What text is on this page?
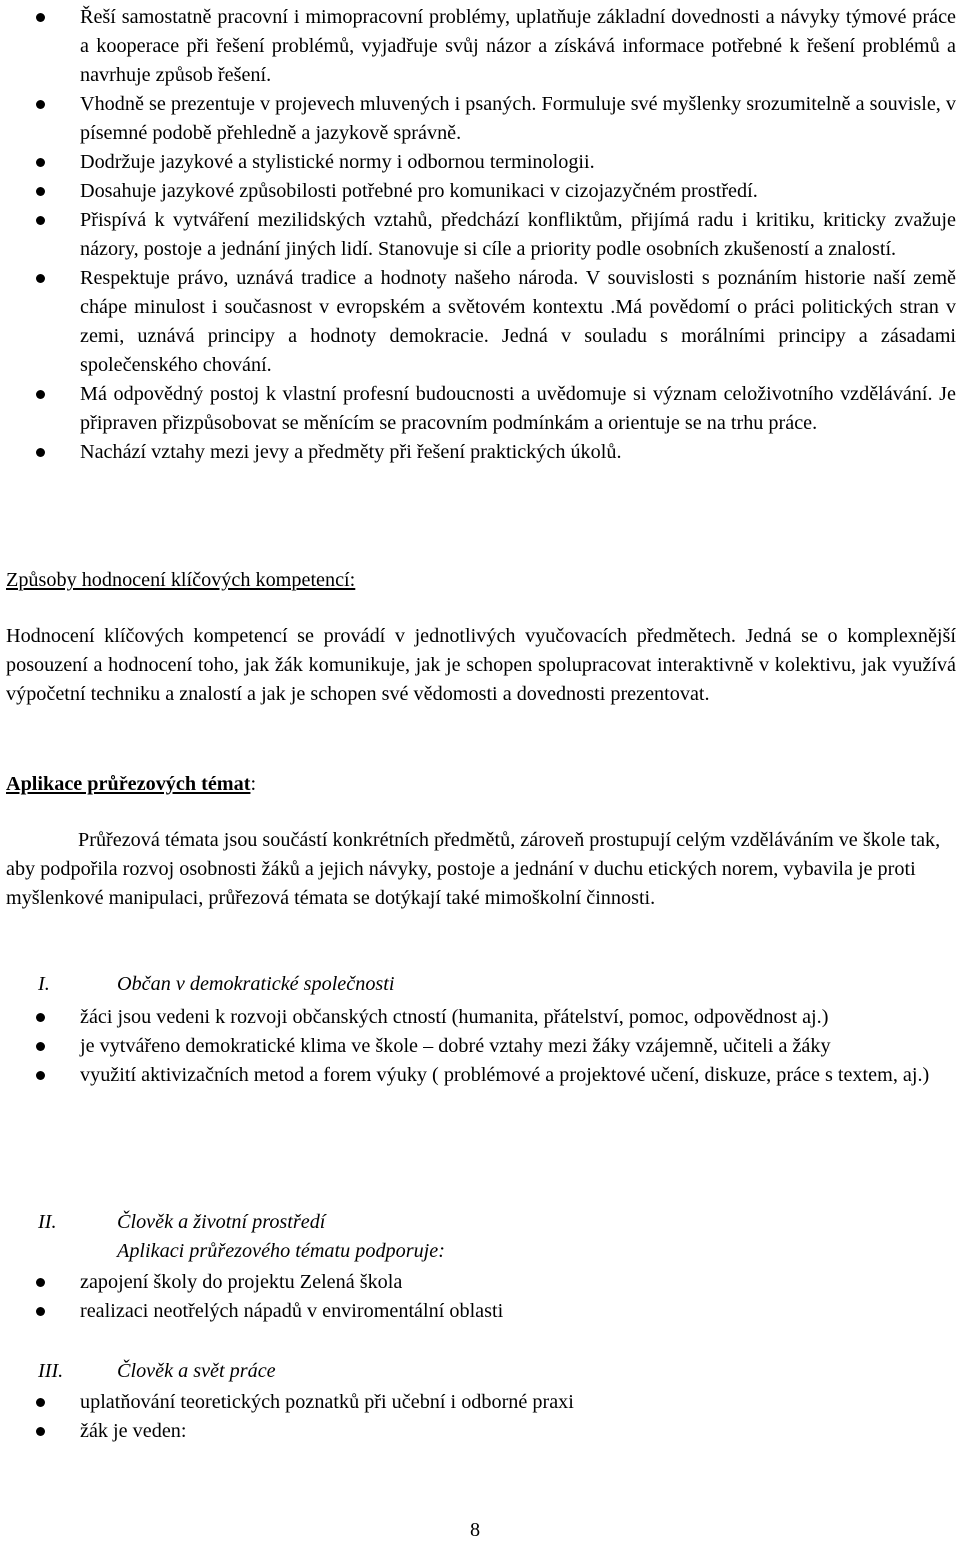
Řeší samostatně pracovní i mimopracovní problémy, uplatňuje základní dovednosti a návyky týmové práce a kooperace při řešení problémů, vyjadřuje svůj názor a získává informace potřebné k řešení problémů a navrhuje způsob řešení.
Vhodně se prezentuje v projevech mluvených i psaných. Formuluje své myšlenky srozumitelně a souvisle, v písemné podobě přehledně a jazykově správně.
Dodržuje jazykové a stylistické normy i odbornou terminologii.
Dosahuje jazykové způsobilosti potřebné pro komunikaci v cizojazyčném prostředí.
Přispívá k vytváření mezilidských vztahů, předchází konfliktům, přijímá radu i kritiku, kriticky zvažuje názory, postoje a jednání jiných lidí. Stanovuje si cíle a priority podle osobních zkušeností a znalostí.
Respektuje právo, uznává tradice a hodnoty našeho národa. V souvislosti s poznáním historie naší země chápe minulost i současnost v evropském a světovém kontextu .Má povědomí o práci politických stran v zemi, uznává principy a hodnoty demokracie. Jedná v souladu s morálními principy a zásadami společenského chování.
Má odpovědný postoj k vlastní profesní budoucnosti a uvědomuje si význam celoživotního vzdělávání. Je připraven přizpůsobovat se měnícím se pracovním podmínkám a orientuje se na trhu práce.
Nachází vztahy mezi jevy a předměty při řešení praktických úkolů.
Způsoby hodnocení klíčových kompetencí:
Hodnocení klíčových kompetencí se provádí v jednotlivých vyučovacích předmětech. Jedná se o komplexnější posouzení a hodnocení toho, jak žák komunikuje, jak je schopen spolupracovat interaktivně v kolektivu, jak využívá výpočetní techniku a znalostí a jak je schopen své vědomosti a dovednosti prezentovat.
Aplikace průřezových témat:
Průřezová témata jsou součástí konkrétních předmětů, zároveň prostupují celým vzděláváním ve škole tak, aby podpořila rozvoj osobnosti žáků a jejich návyky, postoje a jednání v duchu etických norem, vybavila je proti myšlenkové manipulaci, průřezová témata se dotýkají také mimoškolní činnosti.
I.	Občan v demokratické společnosti
žáci jsou vedeni k rozvoji občanských ctností (humanita, přátelství, pomoc, odpovědnost aj.)
je vytvářeno demokratické klima ve škole – dobré vztahy mezi žáky vzájemně, učiteli a žáky
využití aktivizačních metod a forem výuky ( problémové a projektové učení, diskuze, práce s textem, aj.)
II.	Člověk a životní prostředí
Aplikaci průřezového tématu podporuje:
zapojení školy do projektu Zelená škola
realizaci neotřelých nápadů v enviromentální oblasti
III.	Člověk a svět práce
uplatňování teoretických poznatků při učební i odborné praxi
žák je veden:
8
